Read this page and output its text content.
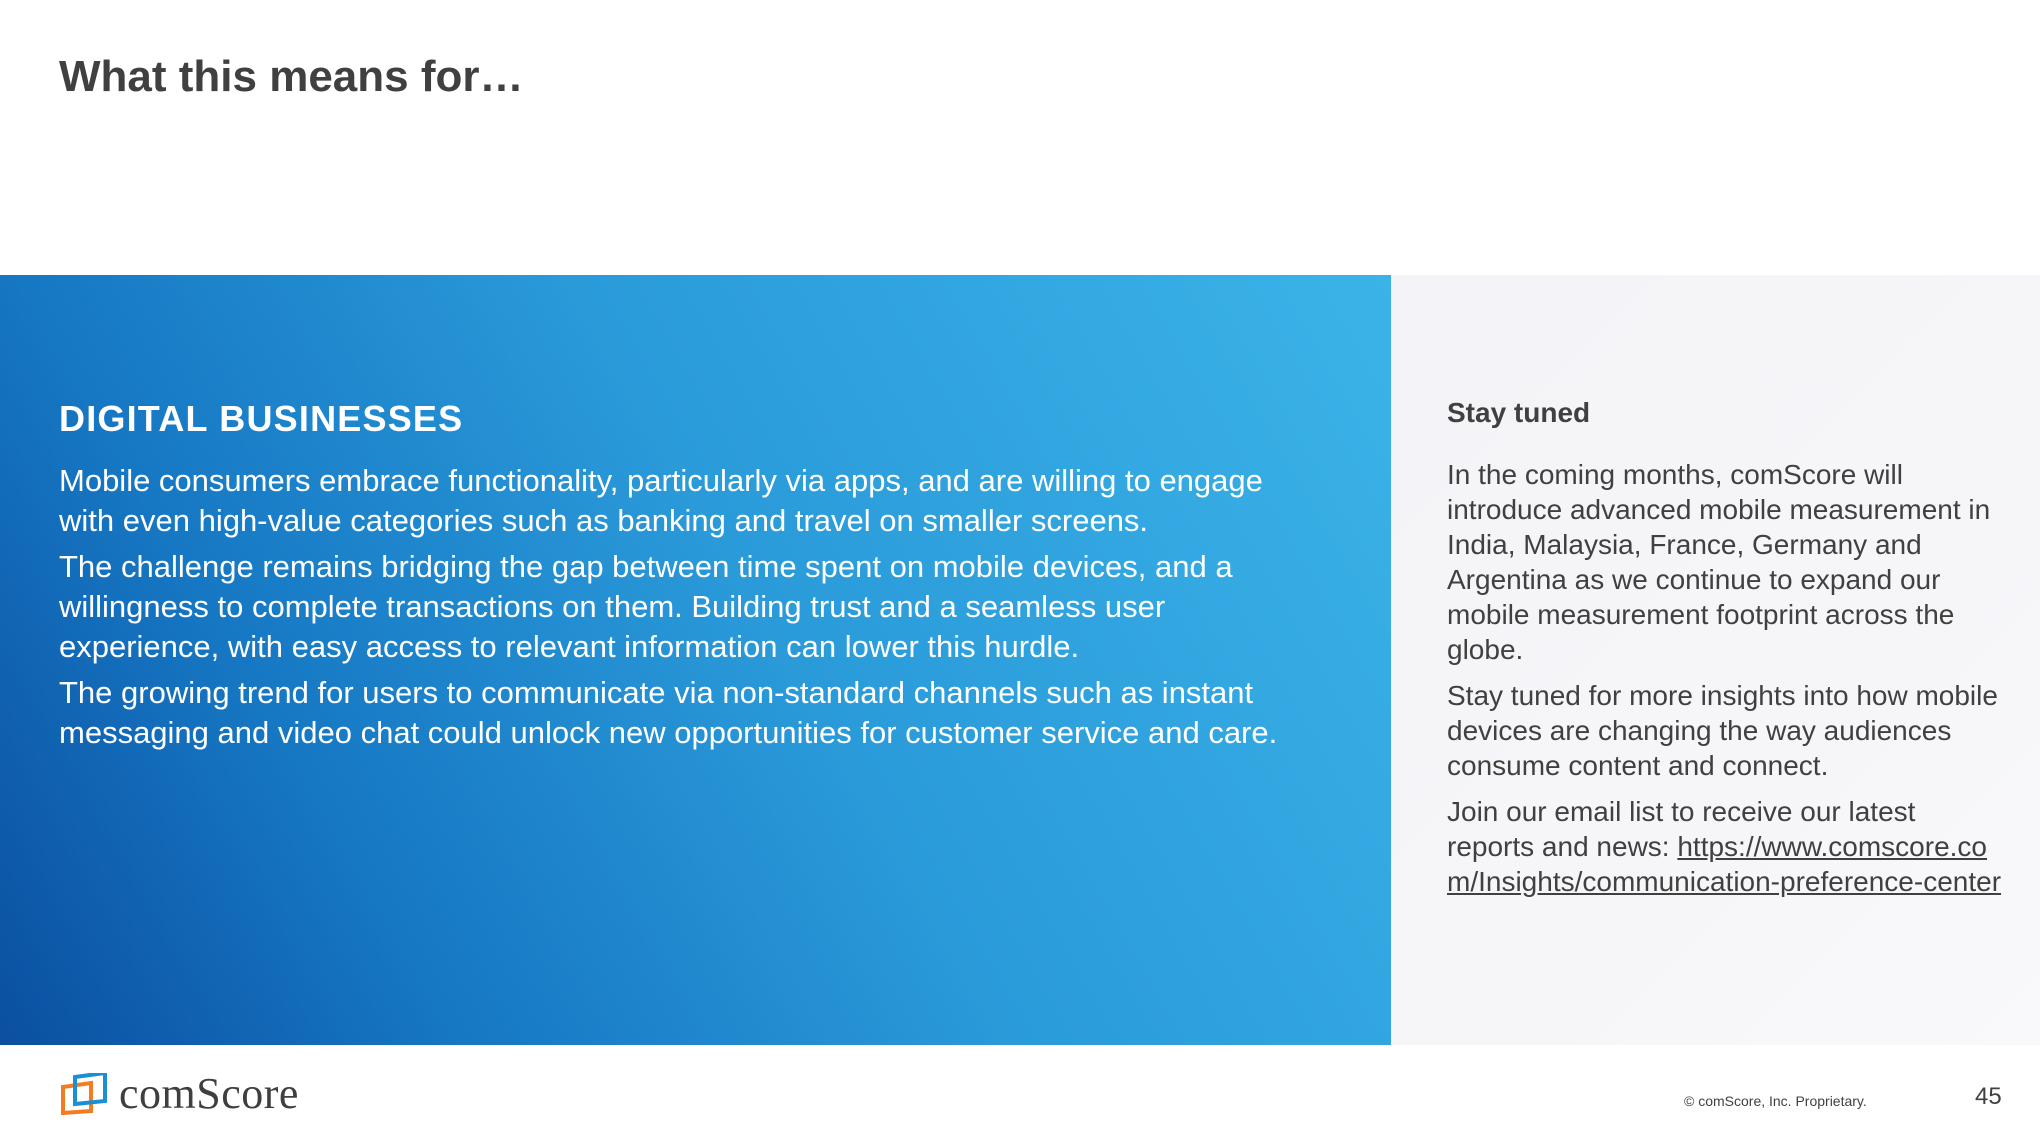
What this means for…
DIGITAL BUSINESSES

Mobile consumers embrace functionality, particularly via apps, and are willing to engage with even high-value categories such as banking and travel on smaller screens.

The challenge remains bridging the gap between time spent on mobile devices, and a willingness to complete transactions on them. Building trust and a seamless user experience, with easy access to relevant information can lower this hurdle.

The growing trend for users to communicate via non-standard channels such as instant messaging and video chat could unlock new opportunities for customer service and care.

Stay tuned

In the coming months, comScore will introduce advanced mobile measurement in India, Malaysia, France, Germany and Argentina as we continue to expand our mobile measurement footprint across the globe.

Stay tuned for more insights into how mobile devices are changing the way audiences consume content and connect.

Join our email list to receive our latest reports and news: https://www.comscore.com/Insights/communication-preference-center

comScore	© comScore, Inc. Proprietary.	45
